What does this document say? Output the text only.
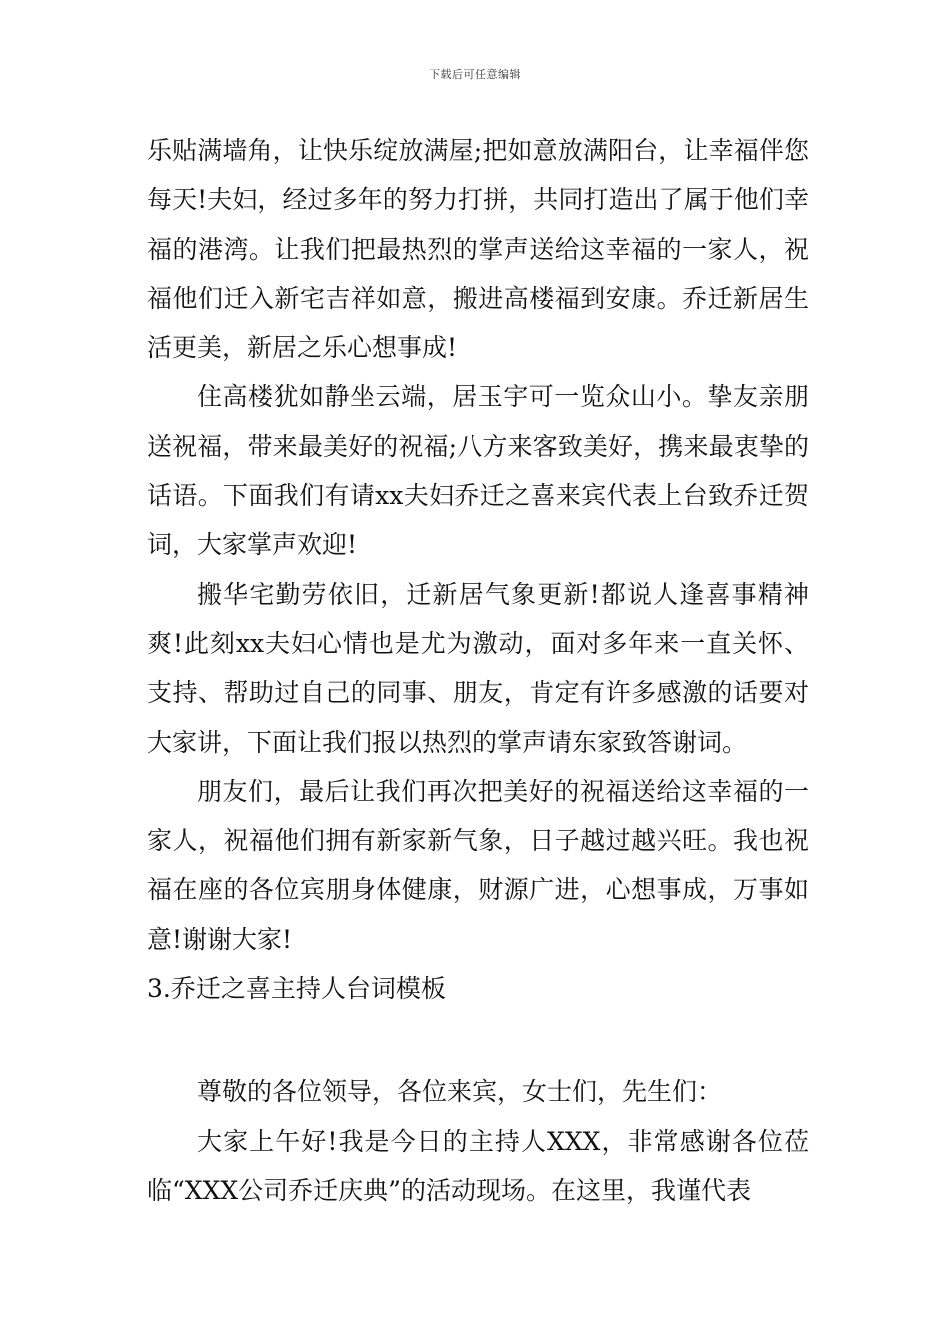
下载后可任意编辑

乐贴满墙角，让快乐绽放满屋;把如意放满阳台，让幸福伴您每天!夫妇，经过多年的努力打拼，共同打造出了属于他们幸福的港湾。让我们把最热烈的掌声送给这幸福的一家人，祝福他们迁入新宅吉祥如意，搬进高楼福到安康。乔迁新居生活更美，新居之乐心想事成!

住高楼犹如静坐云端，居玉宇可一览众山小。挚友亲朋送祝福，带来最美好的祝福;八方来客致美好，携来最衷挚的话语。下面我们有请xx夫妇乔迁之喜来宾代表上台致乔迁贺词，大家掌声欢迎!

搬华宅勤劳依旧，迁新居气象更新!都说人逢喜事精神爽!此刻xx夫妇心情也是尤为激动，面对多年来一直关怀、支持、帮助过自己的同事、朋友，肯定有许多感激的话要对大家讲，下面让我们报以热烈的掌声请东家致答谢词。

朋友们，最后让我们再次把美好的祝福送给这幸福的一家人，祝福他们拥有新家新气象，日子越过越兴旺。我也祝福在座的各位宾朋身体健康，财源广进，心想事成，万事如意!谢谢大家!

3.乔迁之喜主持人台词模板

尊敬的各位领导，各位来宾，女士们，先生们：

大家上午好!我是今日的主持人XXX，非常感谢各位莅临“XXX公司乔迁庆典”的活动现场。在这里，我谨代表
